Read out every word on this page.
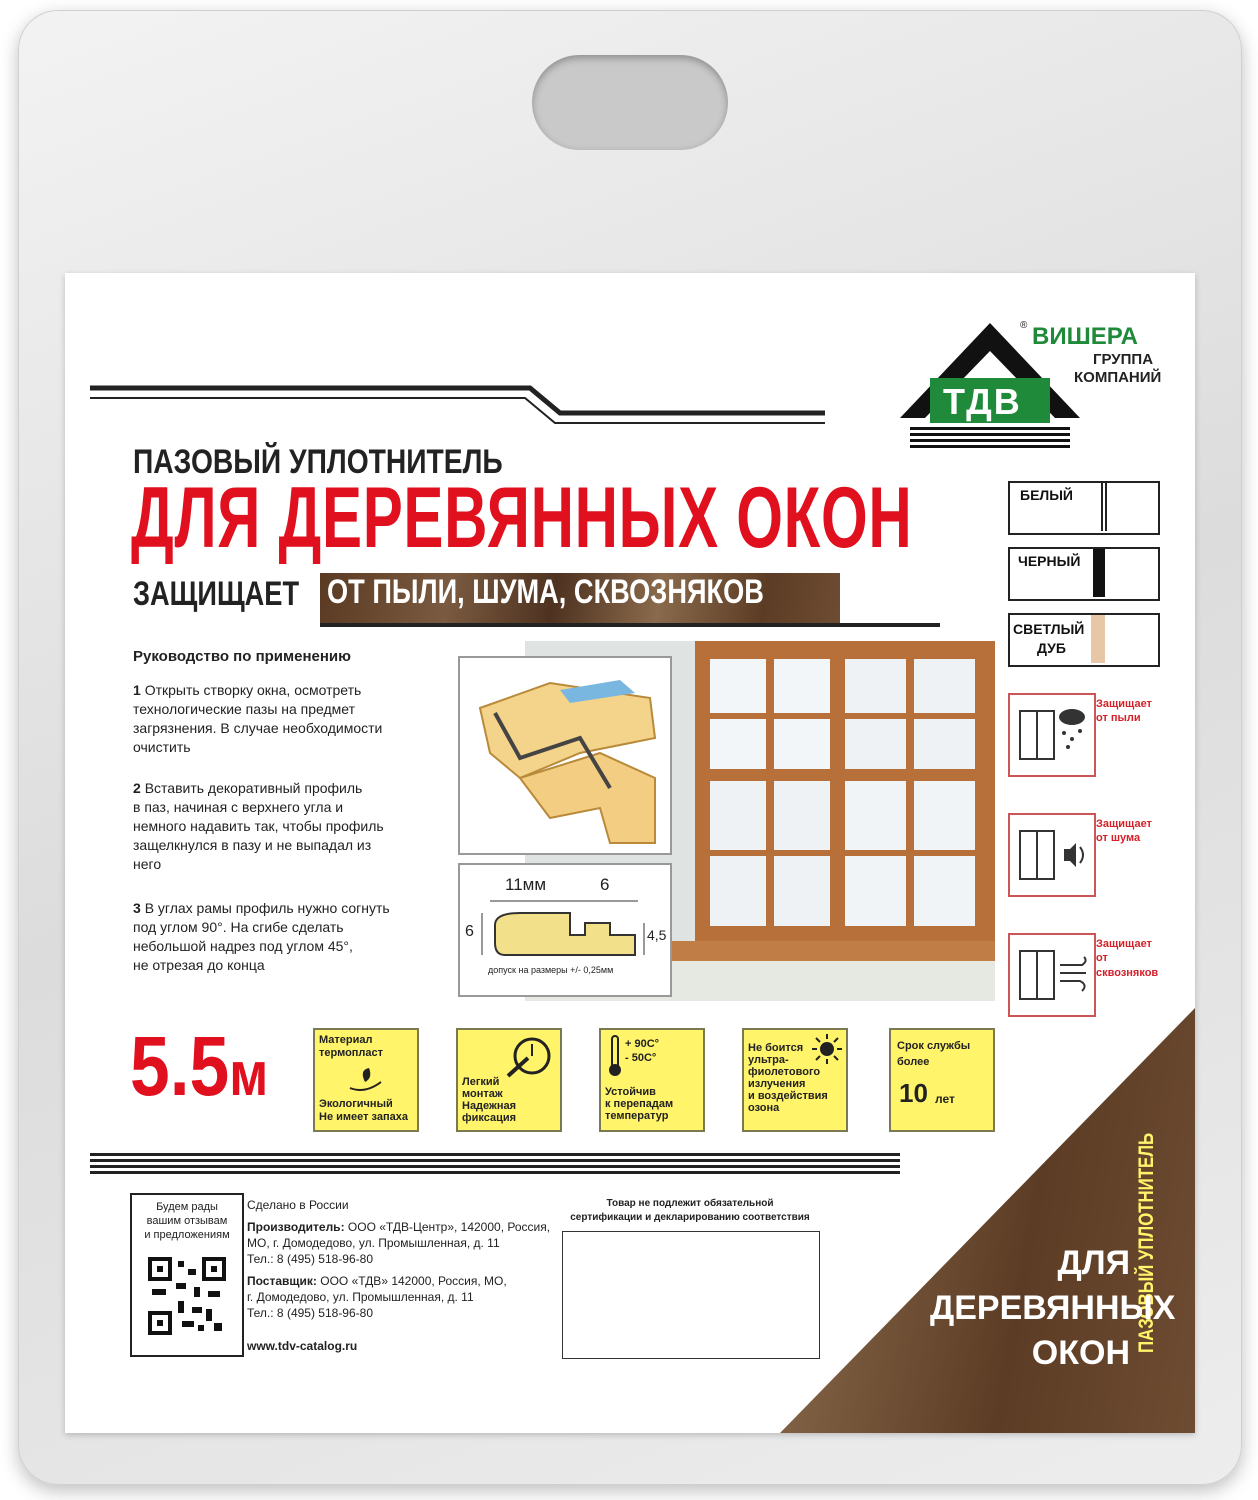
ТДВ
® ВИШЕРА
ГРУППА
КОМПАНИЙ
ПАЗОВЫЙ УПЛОТНИТЕЛЬ
ДЛЯ ДЕРЕВЯННЫХ ОКОН
ЗАЩИЩАЕТ ОТ ПЫЛИ, ШУМА, СКВОЗНЯКОВ
БЕЛЫЙ
ЧЕРНЫЙ
СВЕТЛЫЙ
ДУБ
Защищает
от пыли
Защищает
от шума
Защищает
от
сквозняков
Руководство по применению
1 Открыть створку окна, осмотреть
технологические пазы на предмет
загрязнения. В случае необходимости
очистить
2 Вставить декоративный профиль
в паз, начиная с верхнего угла и
немного надавить так, чтобы профиль
защелкнулся в пазу и не выпадал из
него
3 В углах рамы профиль нужно согнуть
под углом 90°. На сгибе сделать
небольшой надрез под углом 45°,
не отрезая до конца
11мм	6
6	4,5
допуск на размеры +/- 0,25мм
5.5м	Материал
термопласт
Экологичный
Не имеет запаха
Легкий
монтаж
Надежная
фиксация
+ 90C°
- 50C°
Устойчив
к перепадам
температур
Не боится
ультра-
фиолетового
излучения
и воздействия
озона
Срок службы
более
10 лет
Будем рады
вашим отзывам
и предложениям
Сделано в России
Производитель: ООО «ТДВ-Центр», 142000, Россия,
МО, г. Домодедово, ул. Промышленная, д. 11
Тел.: 8 (495) 518-96-80
Поставщик: ООО «ТДВ» 142000, Россия, МО,
г. Домодедово, ул. Промышленная, д. 11
Тел.: 8 (495) 518-96-80
www.tdv-catalog.ru
Товар не подлежит обязательной
сертификации и декларированию соответствия	ПАЗОВЫЙ УПЛОТНИТЕЛЬ
ДЛЯ
ДЕРЕВЯННЫХ
ОКОН
